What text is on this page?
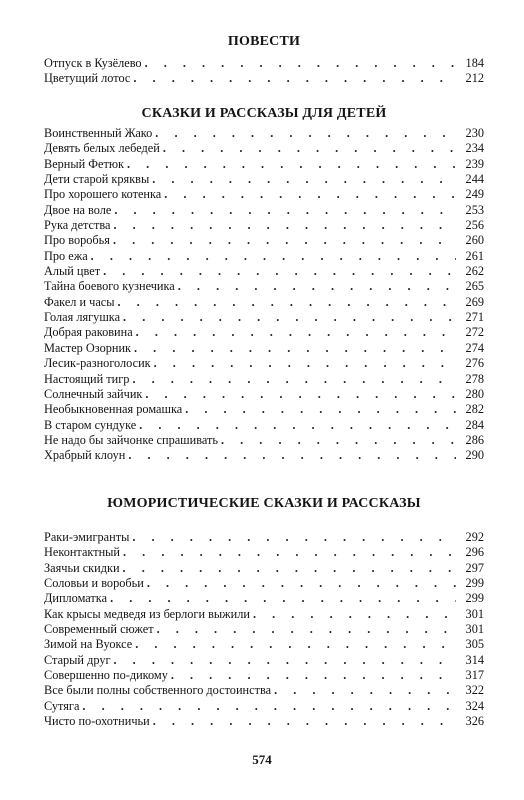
ПОВЕСТИ
Отпуск в Кузёлево . . .	184
Цветущий лотос . . .	212
СКАЗКИ И РАССКАЗЫ ДЛЯ ДЕТЕЙ
Воинственный Жако . . .	230
Девять белых лебедей . . .	234
Верный Фетюк . . .	239
Дети старой кряквы . . .	244
Про хорошего котенка . . .	249
Двое на воле . . .	253
Рука детства . . .	256
Про воробья . . .	260
Про ежа . . .	261
Алый цвет . . .	262
Тайна боевого кузнечика . . .	265
Факел и часы . . .	269
Голая лягушка . . .	271
Добрая раковина . . .	272
Мастер Озорник . . .	274
Лесик-разноголосик . . .	276
Настоящий тигр . . .	278
Солнечный зайчик . . .	280
Необыкновенная ромашка . . .	282
В старом сундуке . . .	284
Не надо бы зайчонке спрашивать . . .	286
Храбрый клоун . . .	290
ЮМОРИСТИЧЕСКИЕ СКАЗКИ И РАССКАЗЫ
Раки-эмигранты . . .	292
Неконтактный . . .	296
Заячьи скидки . . .	297
Соловьи и воробьи . . .	299
Дипломатка . . .	299
Как крысы медведя из берлоги выжили . . .	301
Современный сюжет . . .	301
Зимой на Вуоксе . . .	305
Старый друг . . .	314
Совершенно по-дикому . . .	317
Все были полны собственного достоинства . . .	322
Сутяга . . .	324
Чисто по-охотничьи . . .	326
574
